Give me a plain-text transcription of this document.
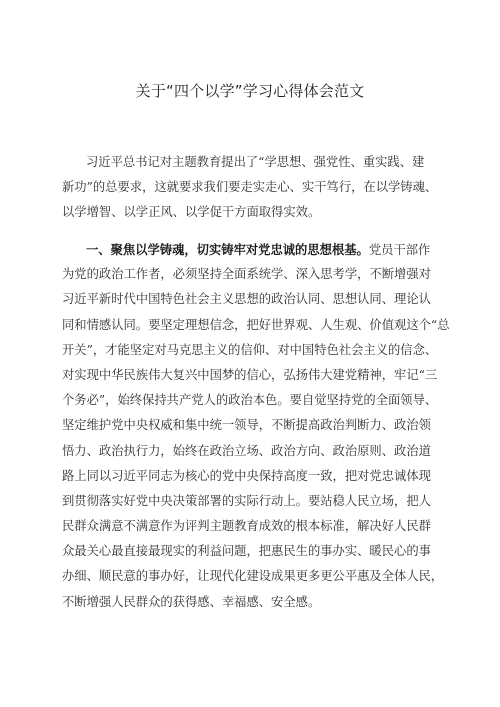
关于“四个以学”学习心得体会范文
习近平总书记对主题教育提出了“学思想、强党性、重实践、建
新功”的总要求，这就要求我们要走实走心、实干笃行，在以学铸魂、
以学增智、以学正风、以学促干方面取得实效。
一、聚焦以学铸魂，切实铸牢对党忠诚的思想根基。党员干部作
为党的政治工作者，必须坚持全面系统学、深入思考学，不断增强对
习近平新时代中国特色社会主义思想的政治认同、思想认同、理论认
同和情感认同。要坚定理想信念，把好世界观、人生观、价值观这个“总
开关”，才能坚定对马克思主义的信仰、对中国特色社会主义的信念、
对实现中华民族伟大复兴中国梦的信心，弘扬伟大建党精神，牢记“三
个务必”，始终保持共产党人的政治本色。要自觉坚持党的全面领导、
坚定维护党中央权威和集中统一领导，不断提高政治判断力、政治领
悟力、政治执行力，始终在政治立场、政治方向、政治原则、政治道
路上同以习近平同志为核心的党中央保持高度一致，把对党忠诚体现
到贯彻落实好党中央决策部署的实际行动上。要站稳人民立场，把人
民群众满意不满意作为评判主题教育成效的根本标准，解决好人民群
众最关心最直接最现实的利益问题，把惠民生的事办实、暖民心的事
办细、顺民意的事办好，让现代化建设成果更多更公平惠及全体人民，
不断增强人民群众的获得感、幸福感、安全感。
